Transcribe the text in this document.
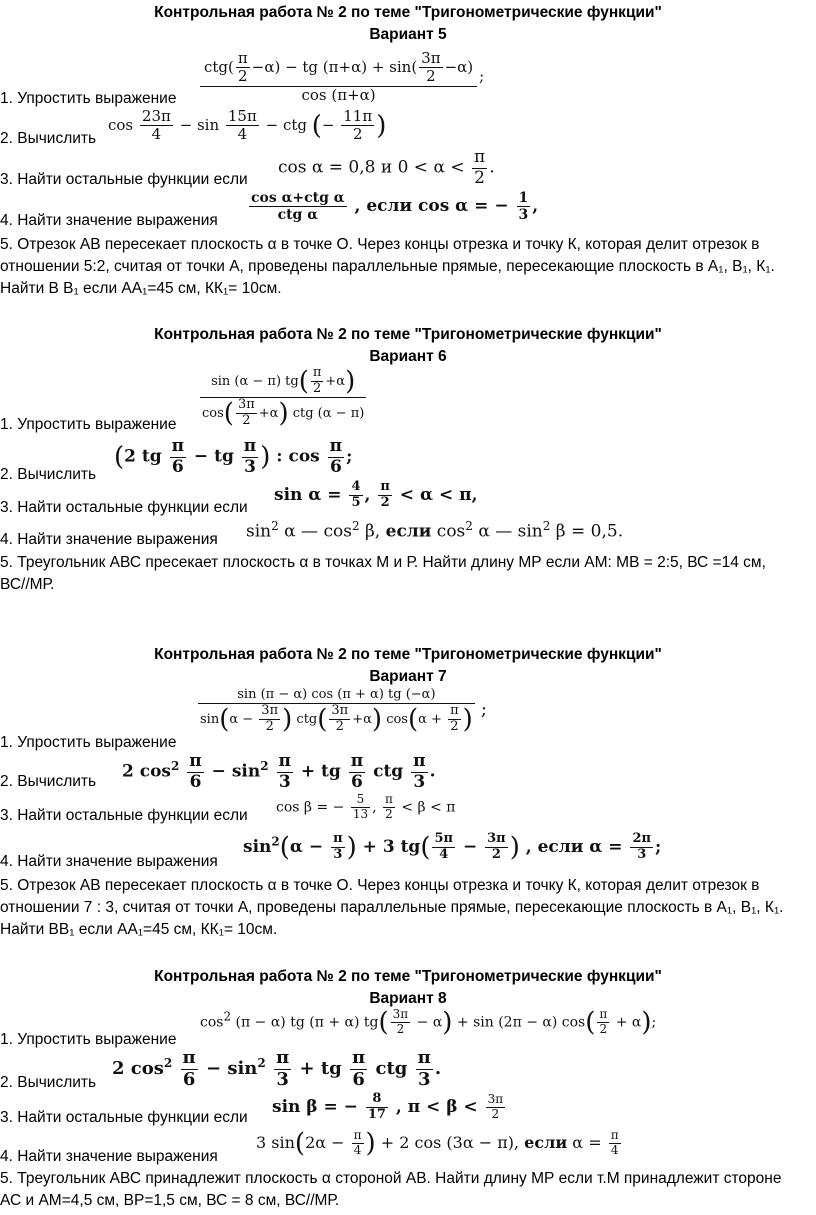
Контрольная работа № 2 по теме "Тригонометрические функции"
Вариант 5
$\frac{ctg( \frac{\pi}{2} -\alpha) - tg (\pi+\alpha) + \sin( \frac{3\pi}{2} -\alpha)}{\cos (\pi+\alpha)}$ ;
1. Упростить выражение
$\cos \frac{23\pi}{4} - \sin \frac{15\pi}{4}$ − ctg (− $\frac{11\pi}{2}$ )
2. Вычислить
cos α = 0,8 и $0 < \alpha < \frac{\pi}{2}$ .
3. Найти остальные функции если
$\frac{\text{cos α+ctg α}}{\text{ctg α}}$ , если cos α = − $\frac{1}{3}$ ,
4. Найти значение выражения
5. Отрезок АВ пересекает плоскость α в точке О. Через концы отрезка и точку К, которая делит отрезок в отношении 5:2, считая от точки А, проведены параллельные прямые, пересекающие плоскость в А₁, В₁, К₁. Найти В В₁ если АА₁=45 см, КК₁= 10см.
Контрольная работа № 2 по теме "Тригонометрические функции"
Вариант 6
$\frac{\sin (\alpha - \pi) tg( \frac{\pi}{2} +\alpha)}{\cos( \frac{3\pi}{2} +\alpha) ctg (\alpha - \pi)}$
1. Упростить выражение
(2 tg $\frac{\pi}{6}$ − tg $\frac{\pi}{3}$ ) : $\cos \frac{\pi}{6}$ ;
2. Вычислить
$\sin \alpha = \frac{4}{5}$ , $\frac{\pi}{2} < \alpha < \pi$,
3. Найти остальные функции если
$\sin^2 \alpha$ — $\cos^2 \beta$, если $\cos^2 \alpha$ — $\sin^2 \beta = 0,5$.
4. Найти значение выражения
5. Треугольник АВС пресекает плоскость α в точках М и Р. Найти длину МР если АМ: МВ = 2:5, ВС =14 см, ВС//МР.
Контрольная работа № 2 по теме "Тригонометрические функции"
Вариант 7
$\frac{\sin (\pi - \alpha) \cos (\pi + \alpha) tg (-\alpha)}{\sin(\alpha - \frac{3\pi}{2} ) ctg( \frac{3\pi}{2} +\alpha) \cos(\alpha + \frac{\pi}{2} )}$ ;
1. Упростить выражение
2 $\cos^2 \frac{\pi}{6} - \sin^2 \frac{\pi}{3}$ + tg $\frac{\pi}{6}$ ctg $\frac{\pi}{3}$ .
2. Вычислить
cos β = − $\frac{5}{13}$ , $\frac{\pi}{2} < \beta < \pi$
3. Найти остальные функции если
$\sin^2(\alpha - \frac{\pi}{3}$ ) + 3 $tg( \frac{5\pi}{4} - \frac{3\pi}{2}$ ) , если $\alpha = \frac{2\pi}{3}$ ;
4. Найти значение выражения
5. Отрезок АВ пересекает плоскость α в точке О. Через концы отрезка и точку К, которая делит отрезок в отношении 7 : 3, считая от точки А, проведены параллельные прямые, пересекающие плоскость в А₁, В₁, К₁. Найти ВВ₁ если АА₁=45 см, КК₁= 10см.
Контрольная работа № 2 по теме "Тригонометрические функции"
Вариант 8
$\cos^2 (\pi - \alpha)$ tg (π + α) $tg( \frac{3\pi}{2} - \alpha) + \sin (2\pi - \alpha)$ $\cos( \frac{\pi}{2} + \alpha)$;
1. Упростить выражение
2 $\cos^2 \frac{\pi}{6} - \sin^2 \frac{\pi}{3}$ + tg $\frac{\pi}{6}$ ctg $\frac{\pi}{3}$ .
2. Вычислить
sin β = − $\frac{8}{17}$ , $\pi < \beta < \frac{3\pi}{2}$
3. Найти остальные функции если
3 $\sin(2\alpha - \frac{\pi}{4}$ ) + 2 cos (3α − π), если $\alpha = \frac{\pi}{4}$
4. Найти значение выражения
5. Треугольник АВС принадлежит плоскость α стороной АВ. Найти длину МР если т.М принадлежит стороне АС и АМ=4,5 см, ВР=1,5 см, ВС = 8 см, ВС//МР.
